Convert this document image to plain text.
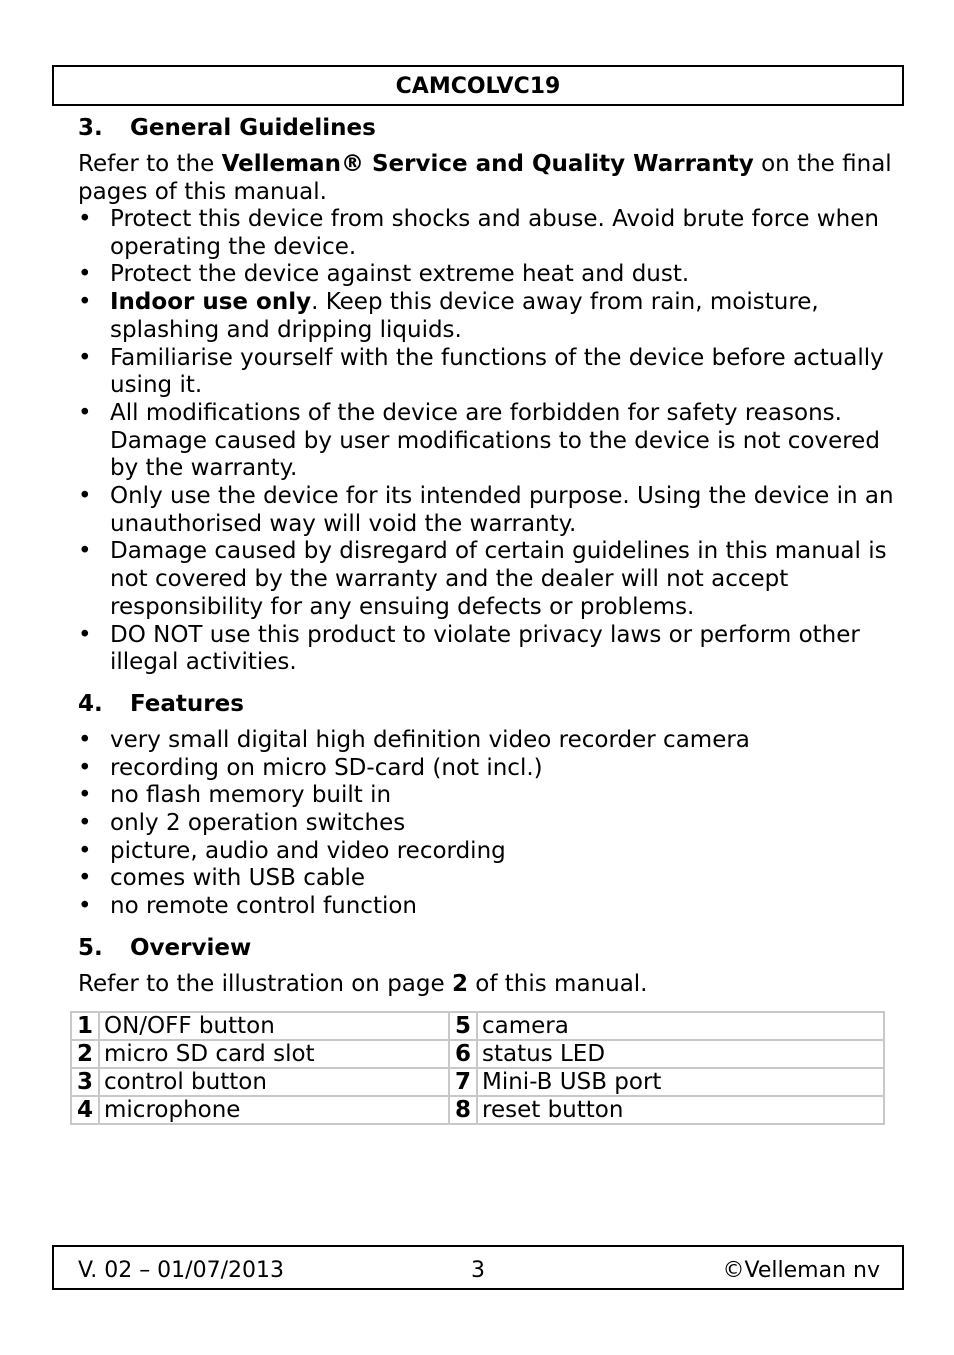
CAMCOLVC19
3.	General Guidelines

Refer to the Velleman® Service and Quality Warranty on the final pages of this manual.

• Protect this device from shocks and abuse. Avoid brute force when operating the device.
• Protect the device against extreme heat and dust.
• Indoor use only. Keep this device away from rain, moisture, splashing and dripping liquids.
• Familiarise yourself with the functions of the device before actually using it.
• All modifications of the device are forbidden for safety reasons. Damage caused by user modifications to the device is not covered by the warranty.
• Only use the device for its intended purpose. Using the device in an unauthorised way will void the warranty.
• Damage caused by disregard of certain guidelines in this manual is not covered by the warranty and the dealer will not accept responsibility for any ensuing defects or problems.
• DO NOT use this product to violate privacy laws or perform other illegal activities.
4.	Features
• very small digital high definition video recorder camera
• recording on micro SD-card (not incl.)
• no flash memory built in
• only 2 operation switches
• picture, audio and video recording
• comes with USB cable
• no remote control function
5.	Overview

Refer to the illustration on page 2 of this manual.

1	ON/OFF button	5	camera
2	micro SD card slot	6	status LED
3	control button	7	Mini-B USB port
4	microphone	8	reset button
V. 02 – 01/07/2013	3	©Velleman nv
